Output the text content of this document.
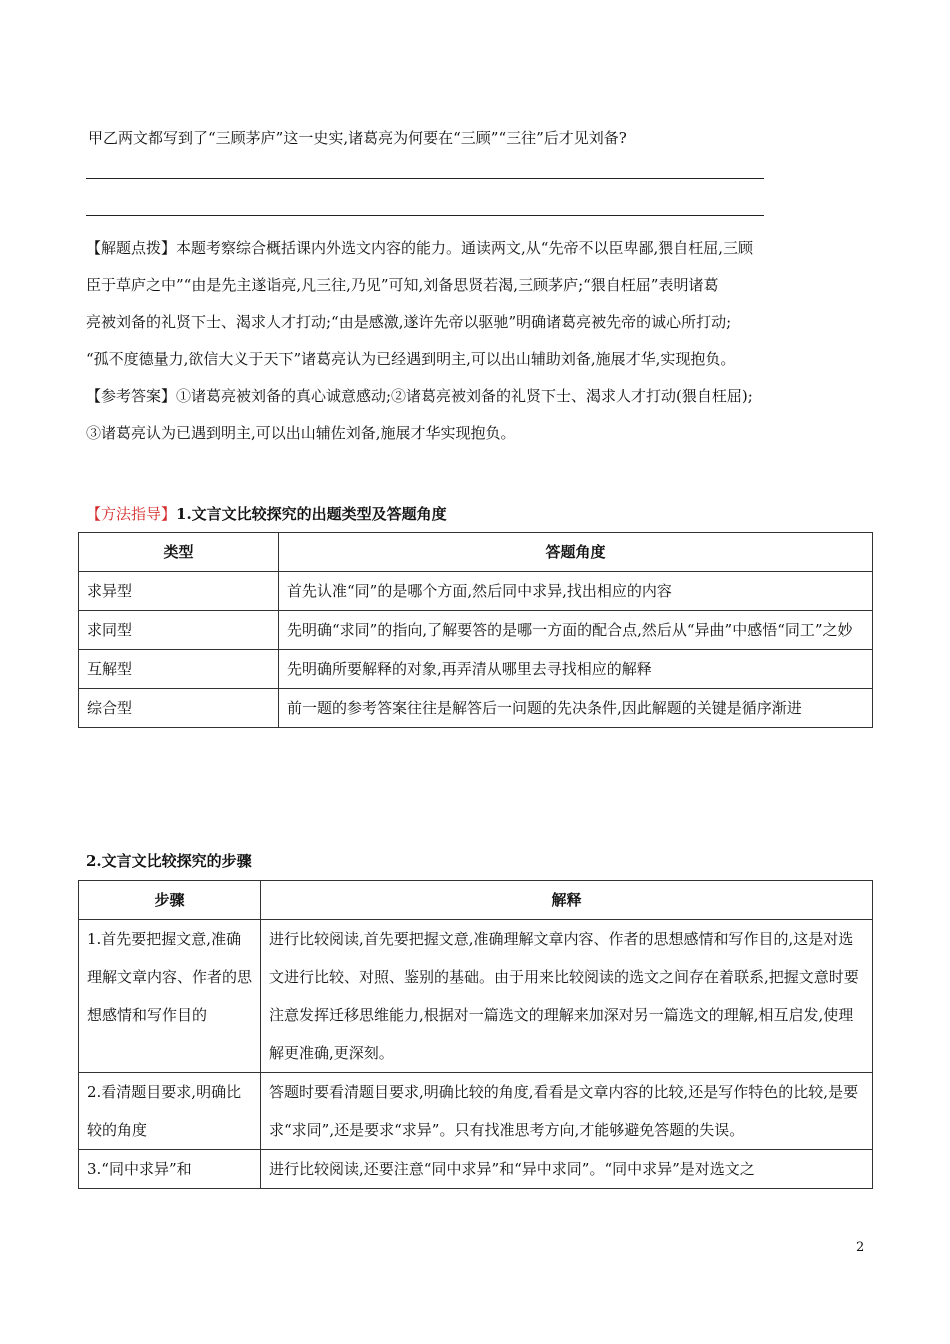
甲乙两文都写到了“三顾茅庐”这一史实,诸葛亮为何要在“三顾”“三往”后才见刘备?
【解题点拨】本题考察综合概括课内外选文内容的能力。通读两文,从“先帝不以臣卑鄙,猥自枉屈,三顾
臣于草庐之中”“由是先主遂诣亮,凡三往,乃见”可知,刘备思贤若渴,三顾茅庐;“猥自枉屈”表明诸葛
亮被刘备的礼贤下士、渴求人才打动;“由是感激,遂许先帝以驱驰”明确诸葛亮被先帝的诚心所打动;
“孤不度德量力,欲信大义于天下”诸葛亮认为已经遇到明主,可以出山辅助刘备,施展才华,实现抱负。
【参考答案】①诸葛亮被刘备的真心诚意感动;②诸葛亮被刘备的礼贤下士、渴求人才打动(猥自枉屈);
③诸葛亮认为已遇到明主,可以出山辅佐刘备,施展才华实现抱负。
【方法指导】1.文言文比较探究的出题类型及答题角度
类型	答题角度
求异型	首先认准“同”的是哪个方面,然后同中求异,找出相应的内容
求同型	先明确“求同”的指向,了解要答的是哪一方面的配合点,然后从“异曲”中感悟“同工”之妙
互解型	先明确所要解释的对象,再弄清从哪里去寻找相应的解释
综合型	前一题的参考答案往往是解答后一问题的先决条件,因此解题的关键是循序渐进
2.文言文比较探究的步骤
步骤	解释
1.首先要把握文意,准确理解文章内容、作者的思想感情和写作目的	进行比较阅读,首先要把握文意,准确理解文章内容、作者的思想感情和写作目的,这是对选文进行比较、对照、鉴别的基础。由于用来比较阅读的选文之间存在着联系,把握文意时要注意发挥迁移思维能力,根据对一篇选文的理解来加深对另一篇选文的理解,相互启发,使理解更准确,更深刻。
2.看清题目要求,明确比较的角度	答题时要看清题目要求,明确比较的角度,看看是文章内容的比较,还是写作特色的比较,是要求“求同”,还是要求“求异”。只有找准思考方向,才能够避免答题的失误。
3.“同中求异”和	进行比较阅读,还要注意“同中求异”和“异中求同”。“同中求异”是对选文之
2
